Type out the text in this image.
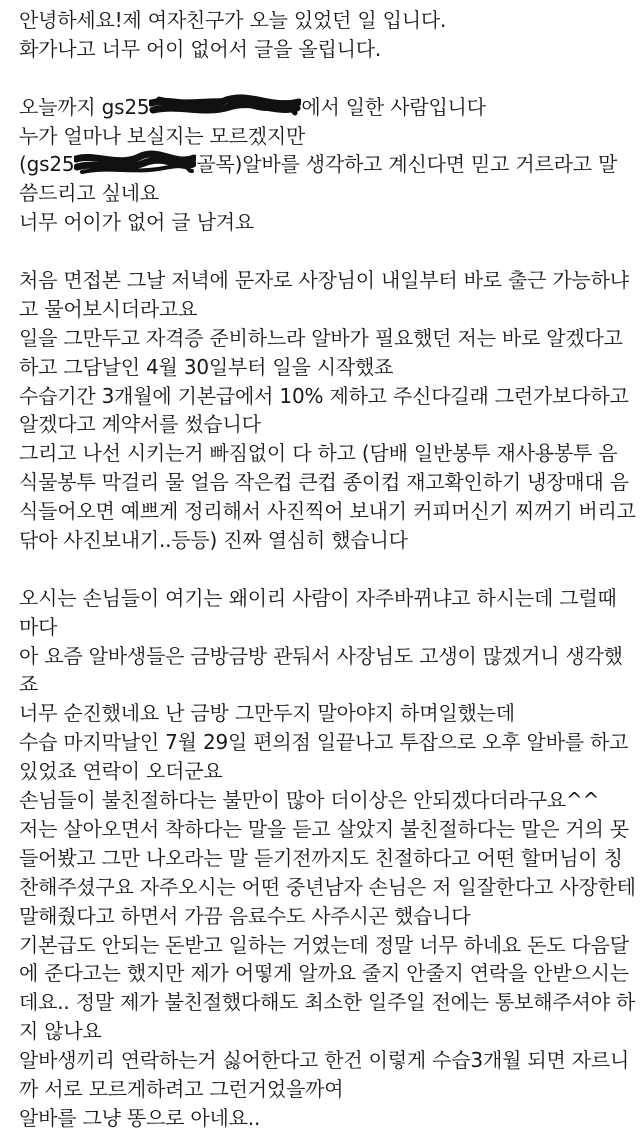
안녕하세요!제 여자친구가 오늘 있었던 일 입니다.
화가나고 너무 어이 없어서 글을 올립니다.
오늘까지 gs25	에서 일한 사람입니다
누가 얼마나 보실지는 모르겠지만
(gs25	골목)알바를 생각하고 계신다면 믿고 거르라고 말
씀드리고 싶네요
너무 어이가 없어 글 남겨요
처음 면접본 그날 저녁에 문자로 사장님이 내일부터 바로 출근 가능하냐
고 물어보시더라고요
일을 그만두고 자격증 준비하느라 알바가 필요했던 저는 바로 알겠다고
하고 그담날인 4월 30일부터 일을 시작했죠
수습기간 3개월에 기본급에서 10% 제하고 주신다길래 그런가보다하고
알겠다고 계약서를 썼습니다
그리고 나선 시키는거 빠짐없이 다 하고 (담배 일반봉투 재사용봉투 음
식물봉투 막걸리 물 얼음 작은컵 큰컵 종이컵 재고확인하기 냉장매대 음
식들어오면 예쁘게 정리해서 사진찍어 보내기 커피머신기 찌꺼기 버리고
닦아 사진보내기..등등) 진짜 열심히 했습니다
오시는 손님들이 여기는 왜이리 사람이 자주바뀌냐고 하시는데 그럴때
마다
아 요즘 알바생들은 금방금방 관둬서 사장님도 고생이 많겠거니 생각했
죠
너무 순진했네요 난 금방 그만두지 말아야지 하며일했는데
수습 마지막날인 7월 29일 편의점 일끝나고 투잡으로 오후 알바를 하고
있었죠 연락이 오더군요
손님들이 불친절하다는 불만이 많아 더이상은 안되겠다더라구요^^
저는 살아오면서 착하다는 말을 듣고 살았지 불친절하다는 말은 거의 못
들어봤고 그만 나오라는 말 듣기전까지도 친절하다고 어떤 할머님이 칭
찬해주셨구요 자주오시는 어떤 중년남자 손님은 저 일잘한다고 사장한테
말해줬다고 하면서 가끔 음료수도 사주시곤 했습니다
기본급도 안되는 돈받고 일하는 거였는데 정말 너무 하네요 돈도 다음달
에 준다고는 했지만 제가 어떻게 알까요 줄지 안줄지 연락을 안받으시는
데요.. 정말 제가 불친절했다해도 최소한 일주일 전에는 통보해주셔야 하
지 않나요
알바생끼리 연락하는거 싫어한다고 한건 이렇게 수습3개월 되면 자르니
까 서로 모르게하려고 그런거었을까여
알바를 그냥 똥으로 아네요..
